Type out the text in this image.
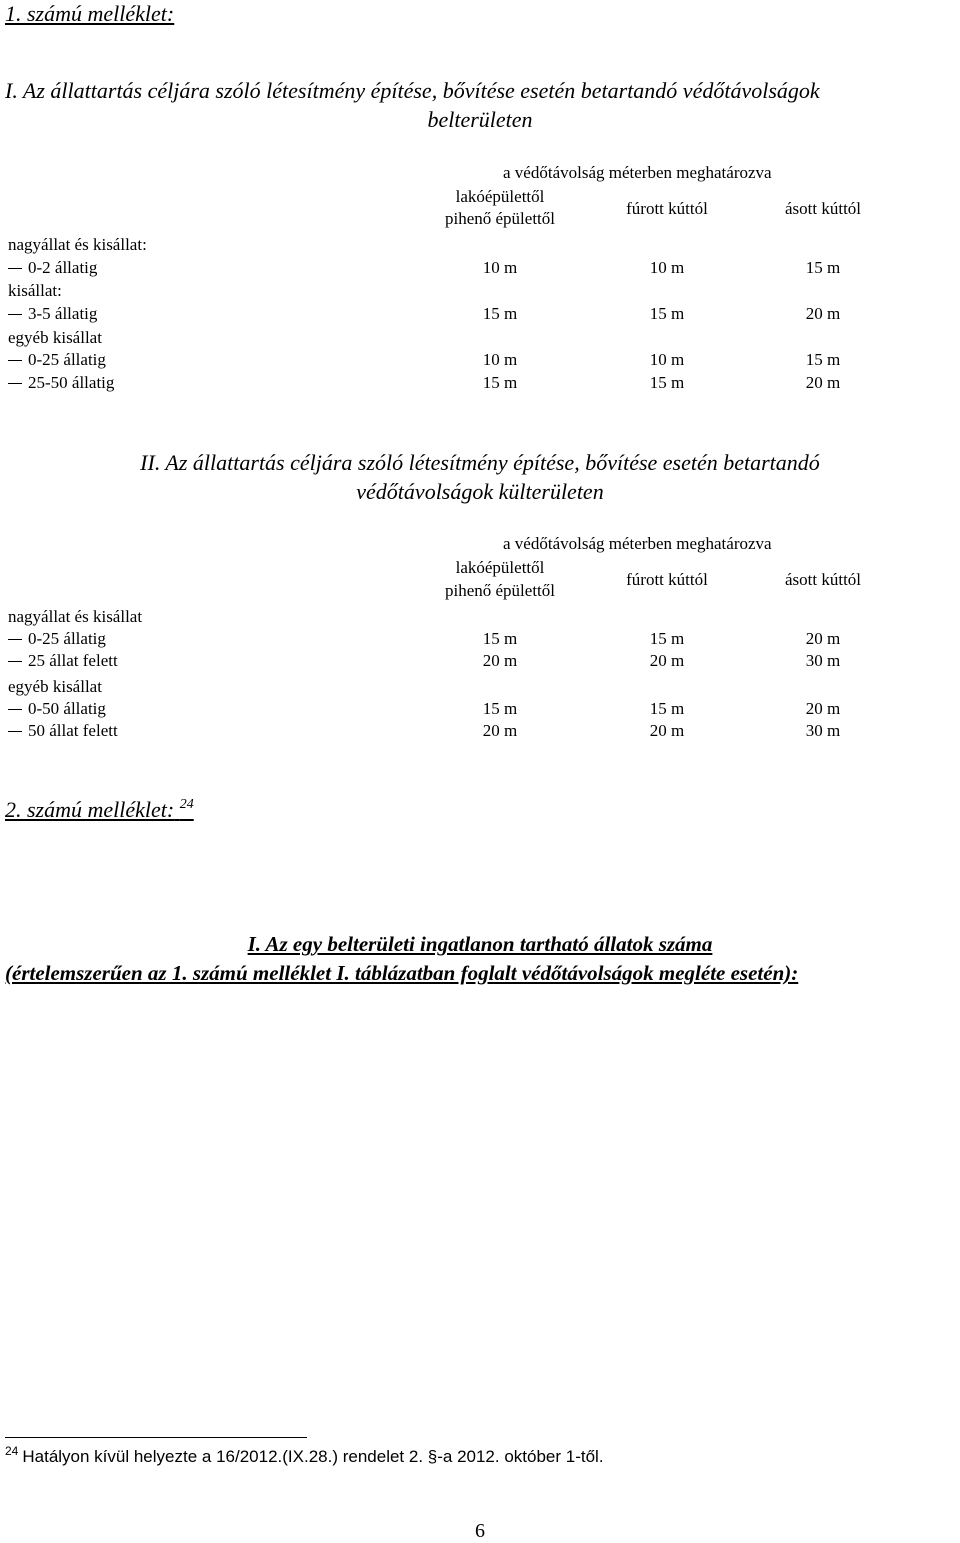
1. számú melléklet:
I. Az állattartás céljára szóló létesítmény építése, bővítése esetén betartandó védőtávolságok
belterületen
a védőtávolság méterben meghatározva
lakóépülettől
pihenő épülettől
fúrott kúttól	ásott kúttól
nagyállat és kisállat:
0-2 állatig	10 m	10 m	15 m
kisállat:
3-5 állatig	15 m	15 m	20 m
egyéb kisállat
0-25 állatig	10 m	10 m	15 m
25-50 állatig	15 m	15 m	20 m
II. Az állattartás céljára szóló létesítmény építése, bővítése esetén betartandó
védőtávolságok külterületen
a védőtávolság méterben meghatározva
lakóépülettől
pihenő épülettől
fúrott kúttól	ásott kúttól
nagyállat és kisállat
0-25 állatig	15 m	15 m	20 m
25 állat felett	20 m	20 m	30 m
egyéb kisállat
0-50 állatig	15 m	15 m	20 m
50 állat felett	20 m	20 m	30 m
2. számú melléklet: $^{24}$
I. Az egy belterületi ingatlanon tartható állatok száma
(értelemszerűen az 1. számú melléklet I. táblázatban foglalt védőtávolságok megléte esetén):
$^{24}$ Hatályon kívül helyezte a 16/2012.(IX.28.) rendelet 2. §-a 2012. október 1-től.
6
